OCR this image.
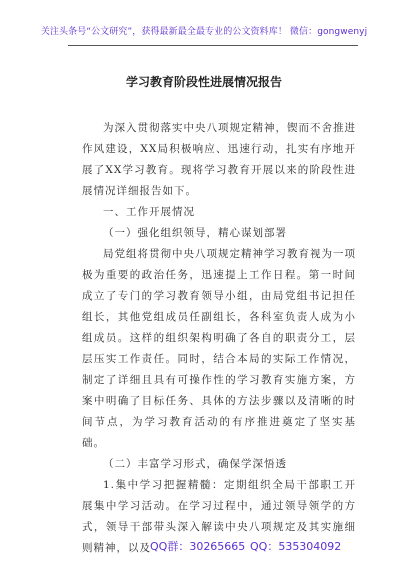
关注头条号“公文研究”，获得最新最全最专业的公文资料库！ 微信：gongwenyj
学习教育阶段性进展情况报告

为深入贯彻落实中央八项规定精神，锲而不舍推进作风建设，XX局积极响应、迅速行动，扎实有序地开展了XX学习教育。现将学习教育开展以来的阶段性进展情况详细报告如下。

一、工作开展情况

（一）强化组织领导，精心谋划部署

局党组将贯彻中央八项规定精神学习教育视为一项极为重要的政治任务，迅速提上工作日程。第一时间成立了专门的学习教育领导小组，由局党组书记担任组长，其他党组成员任副组长，各科室负责人成为小组成员。这样的组织架构明确了各自的职责分工，层层压实工作责任。同时，结合本局的实际工作情况，制定了详细且具有可操作性的学习教育实施方案，方案中明确了目标任务、具体的方法步骤以及清晰的时间节点，为学习教育活动的有序推进奠定了坚实基础。

（二）丰富学习形式，确保学深悟透

1.集中学习把握精髓：定期组织全局干部职工开展集中学习活动。在学习过程中，通过领导领学的方式，领导干部带头深入解读中央八项规定及其实施细则精神，以及 QQ群：30265665 QQ：535304092
